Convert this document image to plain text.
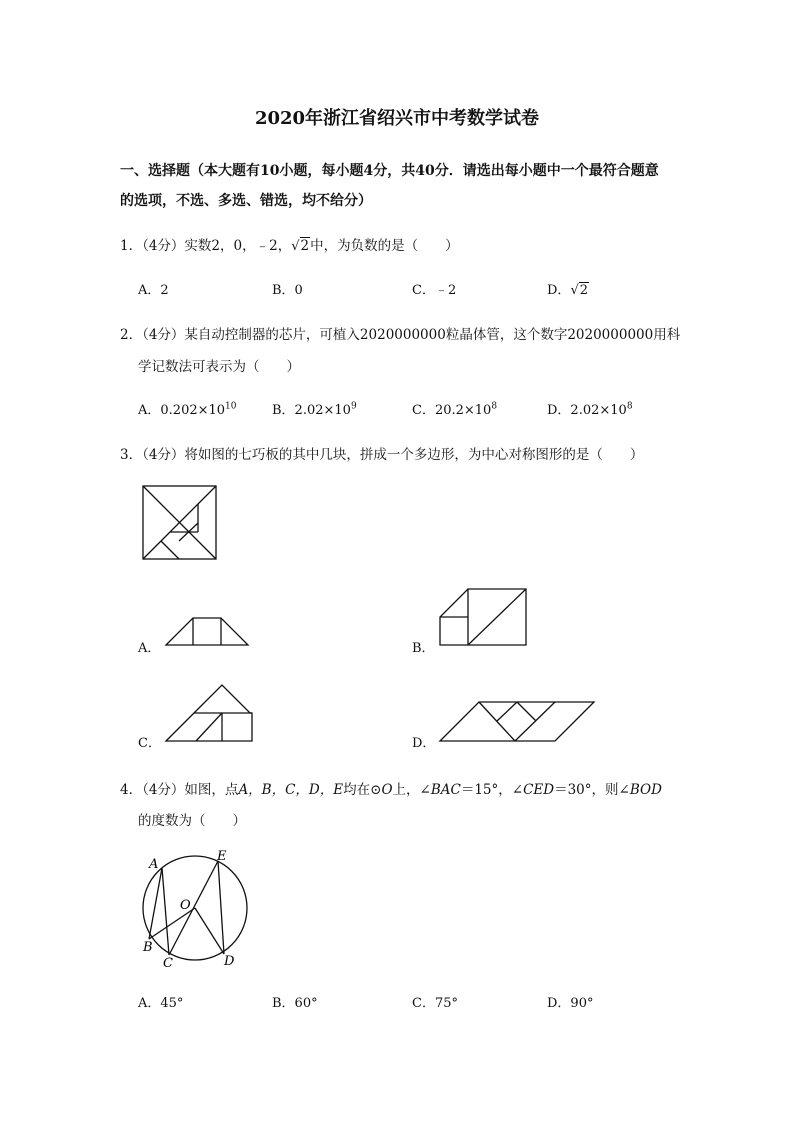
2020年浙江省绍兴市中考数学试卷
一、选择题（本大题有10小题，每小题4分，共40分．请选出每小题中一个最符合题意
的选项，不选、多选、错选，均不给分）
1．（4分）实数2，0，﹣2，√2中，为负数的是（　　）
A．2	B．0	C．﹣2	D．√2
2．（4分）某自动控制器的芯片，可植入2020000000粒晶体管，这个数字2020000000用科
学记数法可表示为（　　）
A．$0.202\times 10^{10}$	B．$2.02\times 10^9$	C．$20.2\times 10^8$	D．$2.02\times 10^8$
3．（4分）将如图的七巧板的其中几块，拼成一个多边形，为中心对称图形的是（　　）
A．	B．
C．	D．
4．（4分）如图，点A，B，C，D，E均在⊙O上，∠BAC＝15°，∠CED＝30°，则∠BOD
的度数为（　　）
A
E
O
B
C	D
A．45°	B．60°	C．75°	D．90°
